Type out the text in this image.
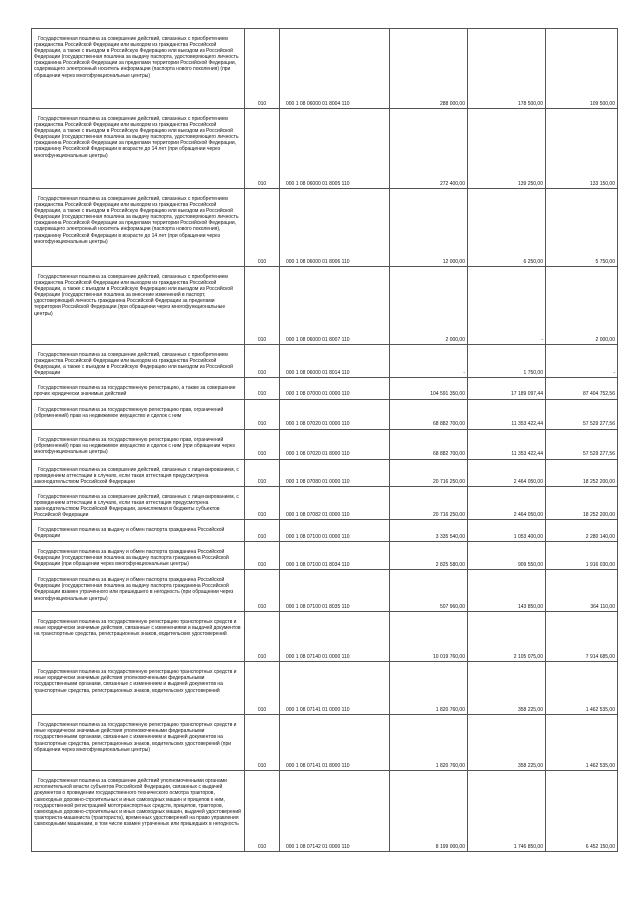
Государственная пошлина за совершение действий, связанных с приобретением гражданства Российской Федерации или выходом из гражданства Российской Федерации, а также с въездом в Российскую Федерацию или выездом из Российской Федерации (государственная пошлина за выдачу паспорта, удостоверяющего личность гражданина Российской Федерации за пределами территории Российской Федерации, содержащего электронный носитель информации (паспорта нового поколения) (при обращении через многофункциональные центры)	010	000 1 08 06000 01 8004 110	288 000,00	178 500,00	109 500,00

Государственная пошлина за совершение действий, связанных с приобретением гражданства Российской Федерации или выходом из гражданства Российской Федерации, а также с въездом в Российскую Федерацию или выездом из Российской Федерации (государственная пошлина за выдачу паспорта, удостоверяющего личность гражданина Российской Федерации за пределами территории Российской Федерации, гражданину Российской Федерации в возрасте до 14 лет (при обращении через многофункциональные центры)	010	000 1 08 06000 01 8005 110	272 400,00	139 250,00	133 150,00

Государственная пошлина за совершение действий, связанных с приобретением гражданства Российской Федерации или выходом из гражданства Российской Федерации, а также с въездом в Российскую Федерацию или выездом из Российской Федерации (государственная пошлина за выдачу паспорта, удостоверяющего личность гражданина Российской Федерации за пределами территории Российской Федерации, содержащего электронный носитель информации (паспорта нового поколения), гражданину Российской Федерации в возрасте до 14 лет (при обращении через многофункциональные центры)	010	000 1 08 06000 01 8006 110	12 000,00	6 250,00	5 750,00

Государственная пошлина за совершение действий, связанных с приобретением гражданства Российской Федерации или выходом из гражданства Российской Федерации, а также с въездом в Российскую Федерацию или выездом из Российской Федерации (государственная пошлина за внесение изменений в паспорт, удостоверяющий личность гражданина Российской Федерации за пределами территории Российской Федерации (при обращении через многофункциональные центры)	010	000 1 08 06000 01 8007 110	2 000,00	-	2 000,00

Государственная пошлина за совершение действий, связанных с приобретением гражданства Российской Федерации или выходом из гражданства Российской Федерации, а также с въездом в Российскую Федерацию или выездом из Российской Федерации	010	000 1 08 06000 01 8014 110	-	1 750,00	-

Государственная пошлина за государственную регистрацию, а также за совершение прочих юридически значимых действий	010	000 1 08 07000 01 0000 110	104 591 350,00	17 189 097,44	87 404 752,56

Государственная пошлина за государственную регистрацию прав, ограничений (обременений) прав на недвижимое имущество и сделок с ним	010	000 1 08 07020 01 0000 110	68 882 700,00	11 353 422,44	57 529 277,56

Государственная пошлина за государственную регистрацию прав, ограничений (обременений) прав на недвижимое имущество и сделок с ним (при обращении через многофункциональные центры)	010	000 1 08 07020 01 8000 110	68 882 700,00	11 353 422,44	57 529 277,56

Государственная пошлина за совершение действий, связанных с лицензированием, с проведением аттестации в случаях, если такая аттестация предусмотрена законодательством Российской Федерации	010	000 1 08 07080 01 0000 110	20 716 250,00	2 464 050,00	18 252 200,00

Государственная пошлина за совершение действий, связанных с лицензированием, с проведением аттестации в случаях, если такая аттестация предусмотрена законодательством Российской Федерации, зачисляемая в бюджеты субъектов Российской Федерации	010	000 1 08 07082 01 0000 110	20 716 250,00	2 464 050,00	18 252 200,00

Государственная пошлина за выдачу и обмен паспорта гражданина Российской Федерации	010	000 1 08 07100 01 0000 110	3 335 540,00	1 053 400,00	2 280 140,00

Государственная пошлина за выдачу и обмен паспорта гражданина Российской Федерации (государственная пошлина за выдачу паспорта гражданина Российской Федерации (при обращении через многофункциональные центры)	010	000 1 08 07100 01 8034 110	2 825 580,00	909 550,00	1 916 030,00

Государственная пошлина за выдачу и обмен паспорта гражданина Российской Федерации (государственная пошлина за выдачу паспорта гражданина Российской Федерации взамен утраченного или пришедшего в негодность (при обращении через многофункциональные центры)	010	000 1 08 07100 01 8035 110	507 960,00	143 850,00	364 110,00

Государственная пошлина за государственную регистрацию транспортных средств и иные юридически значимые действия, связанные с изменениями и выдачей документов на транспортные средства, регистрационных знаков, водительских удостоверений	010	000 1 08 07140 01 0000 110	10 019 760,00	2 105 075,00	7 914 685,00

Государственная пошлина за государственную регистрацию транспортных средств и иные юридически значимые действия уполномоченными федеральными государственными органами, связанные с изменением и выдачей документов на транспортные средства, регистрационных знаков, водительских удостоверений	010	000 1 08 07141 01 0000 110	1 820 760,00	358 225,00	1 462 535,00

Государственная пошлина за государственную регистрацию транспортных средств и иные юридически значимые действия уполномоченными федеральными государственными органами, связанные с изменением и выдачей документов на транспортные средства, регистрационных знаков, водительских удостоверений (при обращении через многофункциональные центры)	010	000 1 08 07141 01 8000 110	1 820 760,00	358 225,00	1 462 535,00

Государственная пошлина за совершение действий уполномоченными органами исполнительной власти субъектов Российской Федерации, связанных с выдачей документов о проведении государственного технического осмотра тракторов, самоходных дорожно-строительных и иных самоходных машин и прицепов к ним, государственной регистрацией мототранспортных средств, прицепов, тракторов, самоходных дорожно-строительных и иных самоходных машин, выдачей удостоверений тракториста-машиниста (тракториста), временных удостоверений на право управления самоходными машинами, в том числе взамен утраченных или пришедших в негодность	010	000 1 08 07142 01 0000 110	8 199 000,00	1 746 850,00	6 452 150,00
